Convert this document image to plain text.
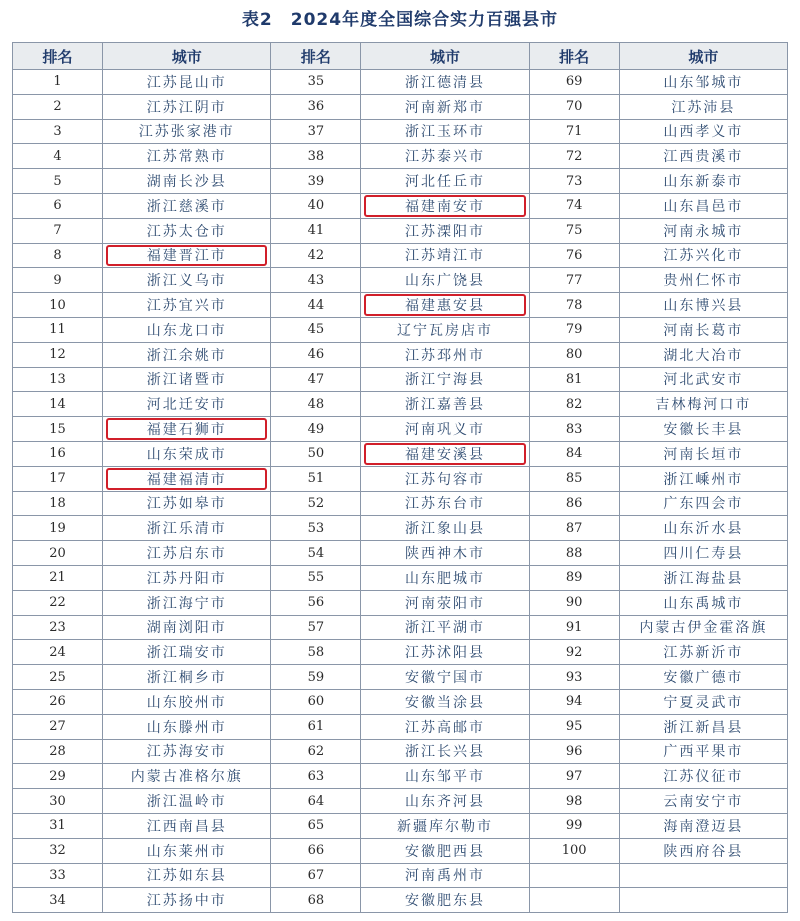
表2　2024年度全国综合实力百强县市
排名	城市	排名	城市	排名	城市
1	江苏昆山市	35	浙江德清县	69	山东邹城市
2	江苏江阴市	36	河南新郑市	70	江苏沛县
3	江苏张家港市	37	浙江玉环市	71	山西孝义市
4	江苏常熟市	38	江苏泰兴市	72	江西贵溪市
5	湖南长沙县	39	河北任丘市	73	山东新泰市
6	浙江慈溪市	40	福建南安市	74	山东昌邑市
7	江苏太仓市	41	江苏溧阳市	75	河南永城市
8	福建晋江市	42	江苏靖江市	76	江苏兴化市
9	浙江义乌市	43	山东广饶县	77	贵州仁怀市
10	江苏宜兴市	44	福建惠安县	78	山东博兴县
11	山东龙口市	45	辽宁瓦房店市	79	河南长葛市
12	浙江余姚市	46	江苏邳州市	80	湖北大冶市
13	浙江诸暨市	47	浙江宁海县	81	河北武安市
14	河北迁安市	48	浙江嘉善县	82	吉林梅河口市
15	福建石狮市	49	河南巩义市	83	安徽长丰县
16	山东荣成市	50	福建安溪县	84	河南长垣市
17	福建福清市	51	江苏句容市	85	浙江嵊州市
18	江苏如皋市	52	江苏东台市	86	广东四会市
19	浙江乐清市	53	浙江象山县	87	山东沂水县
20	江苏启东市	54	陕西神木市	88	四川仁寿县
21	江苏丹阳市	55	山东肥城市	89	浙江海盐县
22	浙江海宁市	56	河南荥阳市	90	山东禹城市
23	湖南浏阳市	57	浙江平湖市	91	内蒙古伊金霍洛旗
24	浙江瑞安市	58	江苏沭阳县	92	江苏新沂市
25	浙江桐乡市	59	安徽宁国市	93	安徽广德市
26	山东胶州市	60	安徽当涂县	94	宁夏灵武市
27	山东滕州市	61	江苏高邮市	95	浙江新昌县
28	江苏海安市	62	浙江长兴县	96	广西平果市
29	内蒙古准格尔旗	63	山东邹平市	97	江苏仪征市
30	浙江温岭市	64	山东齐河县	98	云南安宁市
31	江西南昌县	65	新疆库尔勒市	99	海南澄迈县
32	山东莱州市	66	安徽肥西县	100	陕西府谷县
33	江苏如东县	67	河南禹州市		
34	江苏扬中市	68	安徽肥东县		
